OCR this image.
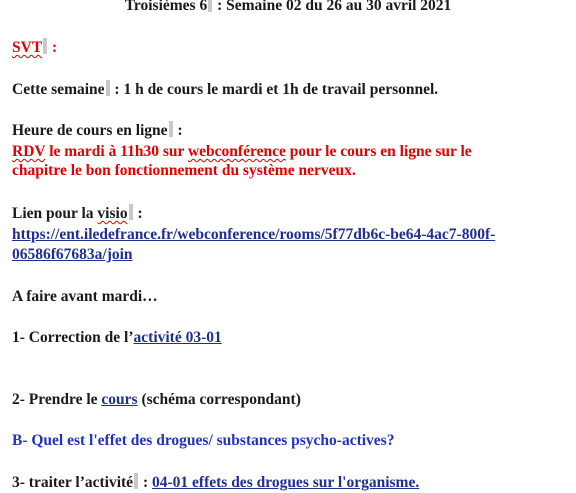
Troisièmes 6 : Semaine 02 du 26 au 30 avril 2021
SVT :
Cette semaine : 1 h de cours le mardi et 1h de travail personnel.
Heure de cours en ligne :
RDV le mardi à 11h30 sur webconférence pour le cours en ligne sur le
chapitre le bon fonctionnement du système nerveux.
Lien pour la visio :
https://ent.iledefrance.fr/webconference/rooms/5f77db6c-be64-4ac7-800f-
06586f67683a/join
A faire avant mardi…
1- Correction de l’activité 03-01
2- Prendre le cours (schéma correspondant)
B- Quel est l'effet des drogues/ substances psycho-actives?
3- traiter l’activité : 04-01 effets des drogues sur l'organisme.
